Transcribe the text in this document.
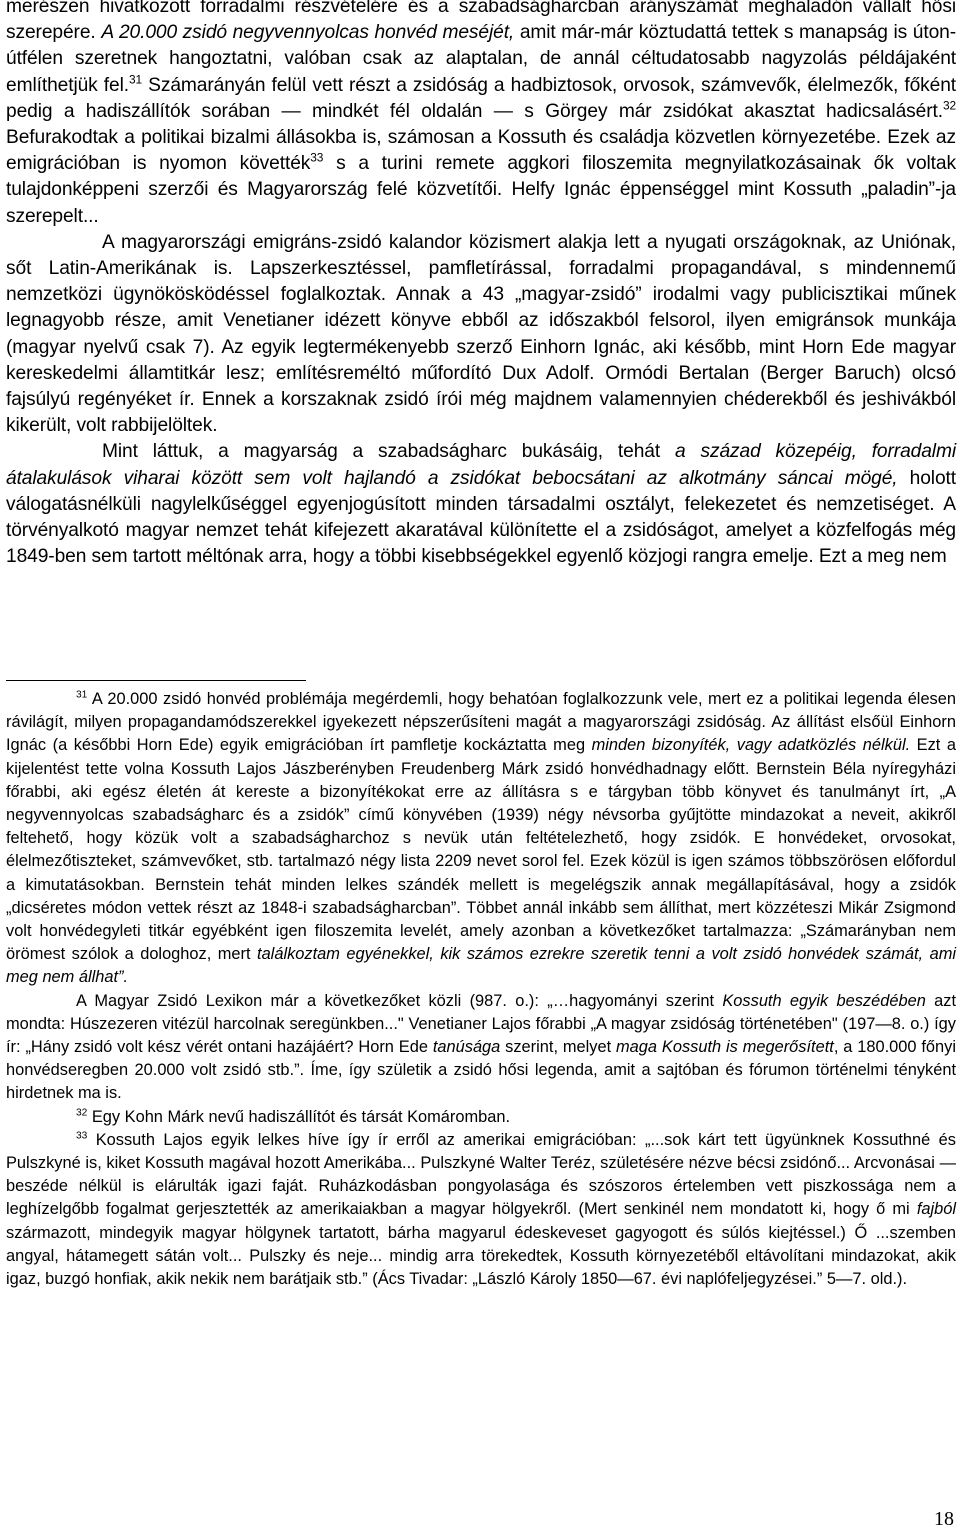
merészen hivatkozott forradalmi részvételére és a szabadságharcban arányszámát meghaladón vállalt hősi szerepére. A 20.000 zsidó negyvennyolcas honvéd meséjét, amit már-már köztudattá tettek s manapság is úton-útfélen szeretnek hangoztatni, valóban csak az alaptalan, de annál céltudatosabb nagyzolás példájaként említhetjük fel.$^{31}$ Számarányán felül vett részt a zsidóság a hadbiztosok, orvosok, számvevők, élelmezők, főként pedig a hadiszállítók sorában — mindkét fél oldalán — s Görgey már zsidókat akasztat hadicsalásért.$^{32}$ Befurakodtak a politikai bizalmi állásokba is, számosan a Kossuth és családja közvetlen környezetébe. Ezek az emigrációban is nyomon követték$^{33}$ s a turini remete aggkori filoszemita megnyilatkozásainak ők voltak tulajdonképpeni szerzői és Magyarország felé közvetítői. Helfy Ignác éppenséggel mint Kossuth „paladin”-ja szerepelt...

A magyarországi emigráns-zsidó kalandor közismert alakja lett a nyugati országoknak, az Uniónak, sőt Latin-Amerikának is. Lapszerkesztéssel, pamfletírással, forradalmi propagandával, s mindennemű nemzetközi ügynökösködéssel foglalkoztak. Annak a 43 „magyar-zsidó” irodalmi vagy publicisztikai műnek legnagyobb része, amit Venetianer idézett könyve ebből az időszakból felsorol, ilyen emigránsok munkája (magyar nyelvű csak 7). Az egyik legtermékenyebb szerző Einhorn Ignác, aki később, mint Horn Ede magyar kereskedelmi államtitkár lesz; említésreméltó műfordító Dux Adolf. Ormódi Bertalan (Berger Baruch) olcsó fajsúlyú regényéket ír. Ennek a korszaknak zsidó írói még majdnem valamennyien chéderekből és jeshivákból kikerült, volt rabbijelöltek.

Mint láttuk, a magyarság a szabadságharc bukásáig, tehát a század közepéig, forradalmi átalakulások viharai között sem volt hajlandó a zsidókat bebocsátani az alkotmány sáncai mögé, holott válogatásnélküli nagylelkűséggel egyenjogúsított minden társadalmi osztályt, felekezetet és nemzetiséget. A törvényalkotó magyar nemzet tehát kifejezett akaratával különítette el a zsidóságot, amelyet a közfelfogás még 1849-ben sem tartott méltónak arra, hogy a többi kisebbségekkel egyenlő közjogi rangra emelje. Ezt a meg nem

$^{31}$ A 20.000 zsidó honvéd problémája megérdemli, hogy behatóan foglalkozzunk vele, mert ez a politikai legenda élesen rávilágít, milyen propagandamódszerekkel igyekezett népszerűsíteni magát a magyarországi zsidóság. Az állítást elsőül Einhorn Ignác (a későbbi Horn Ede) egyik emigrációban írt pamfletje kockáztatta meg minden bizonyíték, vagy adatközlés nélkül. Ezt a kijelentést tette volna Kossuth Lajos Jászberényben Freudenberg Márk zsidó honvédhadnagy előtt. Bernstein Béla nyíregyházi főrabbi, aki egész életén át kereste a bizonyítékokat erre az állításra s e tárgyban több könyvet és tanulmányt írt, „A negyvennyolcas szabadságharc és a zsidók” című könyvében (1939) négy névsorba gyűjtötte mindazokat a neveit, akikről feltehető, hogy közük volt a szabadságharchoz s nevük után feltételezhető, hogy zsidók. E honvédeket, orvosokat, élelmezőtiszteket, számvevőket, stb. tartalmazó négy lista 2209 nevet sorol fel. Ezek közül is igen számos többszörösen előfordul a kimutatásokban. Bernstein tehát minden lelkes szándék mellett is megelégszik annak megállapításával, hogy a zsidók „dicséretes módon vettek részt az 1848-i szabadságharcban”. Többet annál inkább sem állíthat, mert közzéteszi Mikár Zsigmond volt honvédegyleti titkár egyébként igen filoszemita levelét, amely azonban a következőket tartalmazza: „Számarányban nem örömest szólok a dologhoz, mert találkoztam egyénekkel, kik számos ezrekre szeretik tenni a volt zsidó honvédek számát, ami meg nem állhat”.

A Magyar Zsidó Lexikon már a következőket közli (987. o.): „…hagyományi szerint Kossuth egyik beszédében azt mondta: Húszezeren vitézül harcolnak seregünkben..." Venetianer Lajos főrabbi „A magyar zsidóság történetében" (197—8. o.) így ír: „Hány zsidó volt kész vérét ontani hazájáért? Horn Ede tanúsága szerint, melyet maga Kossuth is megerősített, a 180.000 főnyi honvédseregben 20.000 volt zsidó stb.”. Íme, így születik a zsidó hősi legenda, amit a sajtóban és fórumon történelmi tényként hirdetnek ma is.

$^{32}$ Egy Kohn Márk nevű hadiszállítót és társát Komáromban.

$^{33}$ Kossuth Lajos egyik lelkes híve így ír erről az amerikai emigrációban: „...sok kárt tett ügyünknek Kossuthné és Pulszkyné is, kiket Kossuth magával hozott Amerikába... Pulszkyné Walter Teréz, születésére nézve bécsi zsidónő... Arcvonásai — beszéde nélkül is elárulták igazi faját. Ruházkodásban pongyolasága és szószoros értelemben vett piszkossága nem a leghízelgőbb fogalmat gerjesztették az amerikaiakban a magyar hölgyekről. (Mert senkinél nem mondatott ki, hogy ő mi fajból származott, mindegyik magyar hölgynek tartatott, bárha magyarul édeskeveset gagyogott és súlós kiejtéssel.) Ő ...szemben angyal, hátamegett sátán volt... Pulszky és neje... mindig arra törekedtek, Kossuth környezetéből eltávolítani mindazokat, akik igaz, buzgó honfiak, akik nekik nem barátjaik stb.” (Ács Tivadar: „László Károly 1850—67. évi naplófeljegyzései.” 5—7. old.).

18
